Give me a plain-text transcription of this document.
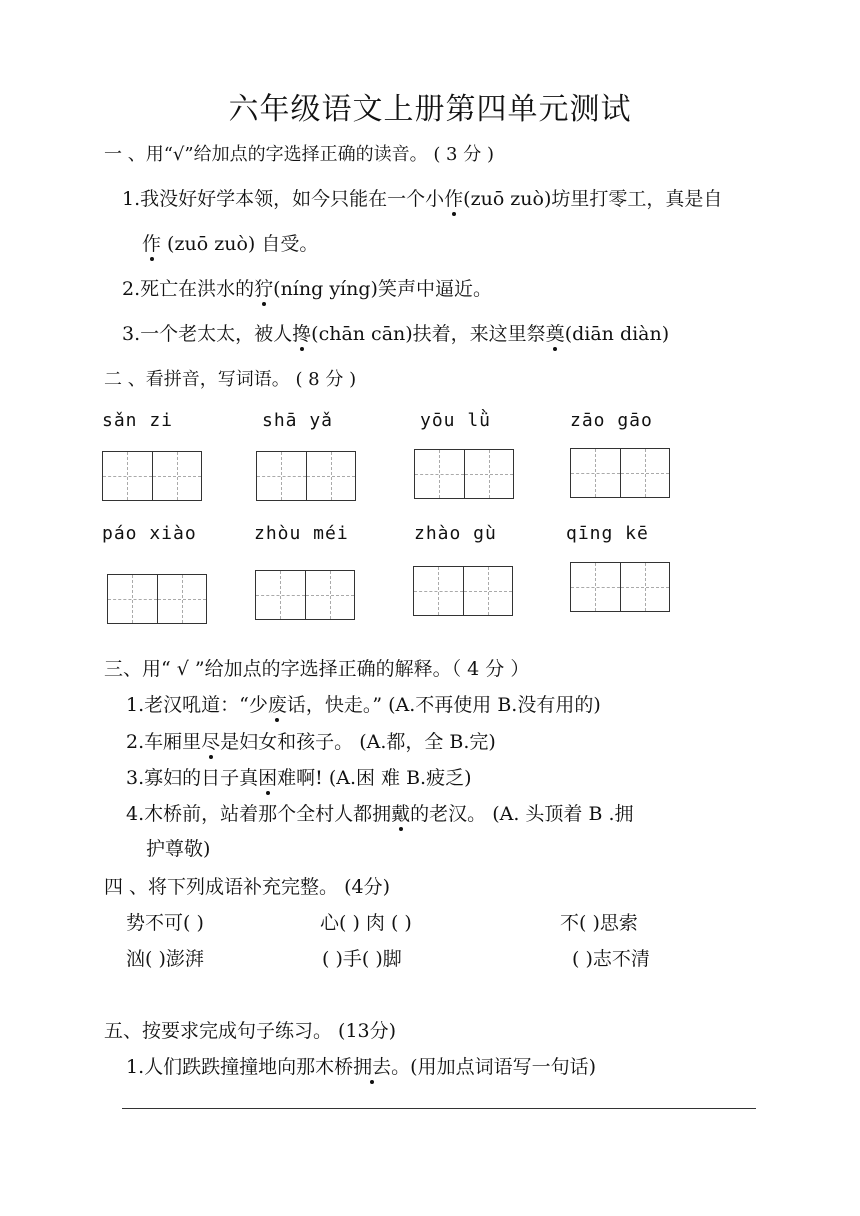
六年级语文上册第四单元测试
一 、用“√”给加点的字选择正确的读音。 ( 3 分 )
1.我没好好学本领，如今只能在一个小作(zuō zuò)坊里打零工，真是自
作 (zuō zuò) 自受。
2.死亡在洪水的狞(níng yíng)笑声中逼近。
3.一个老太太，被人搀(chān cān)扶着，来这里祭奠(diān diàn)
二 、看拼音，写词语。 ( 8 分 )
sǎn zi	shā yǎ	yōu lǜ	zāo gāo
páo xiào	zhòu méi	zhào gù	qīng kē
三、用“ √ ”给加点的字选择正确的解释。（ 4 分 ）
1.老汉吼道：“少废话，快走。” (A.不再使用 B.没有用的)
2.车厢里尽是妇女和孩子。 (A.都，全 B.完)
3.寡妇的日子真困难啊! (A.困 难 B.疲乏)
4.木桥前，站着那个全村人都拥戴的老汉。 (A. 头顶着 B .拥
护尊敬)
四 、将下列成语补充完整。 (4分)
势不可( )	心( ) 肉 ( )	不( )思索
汹( )澎湃	( )手( )脚	( )志不清
五、按要求完成句子练习。 (13分)
1.人们跌跌撞撞地向那木桥拥去。(用加点词语写一句话)
